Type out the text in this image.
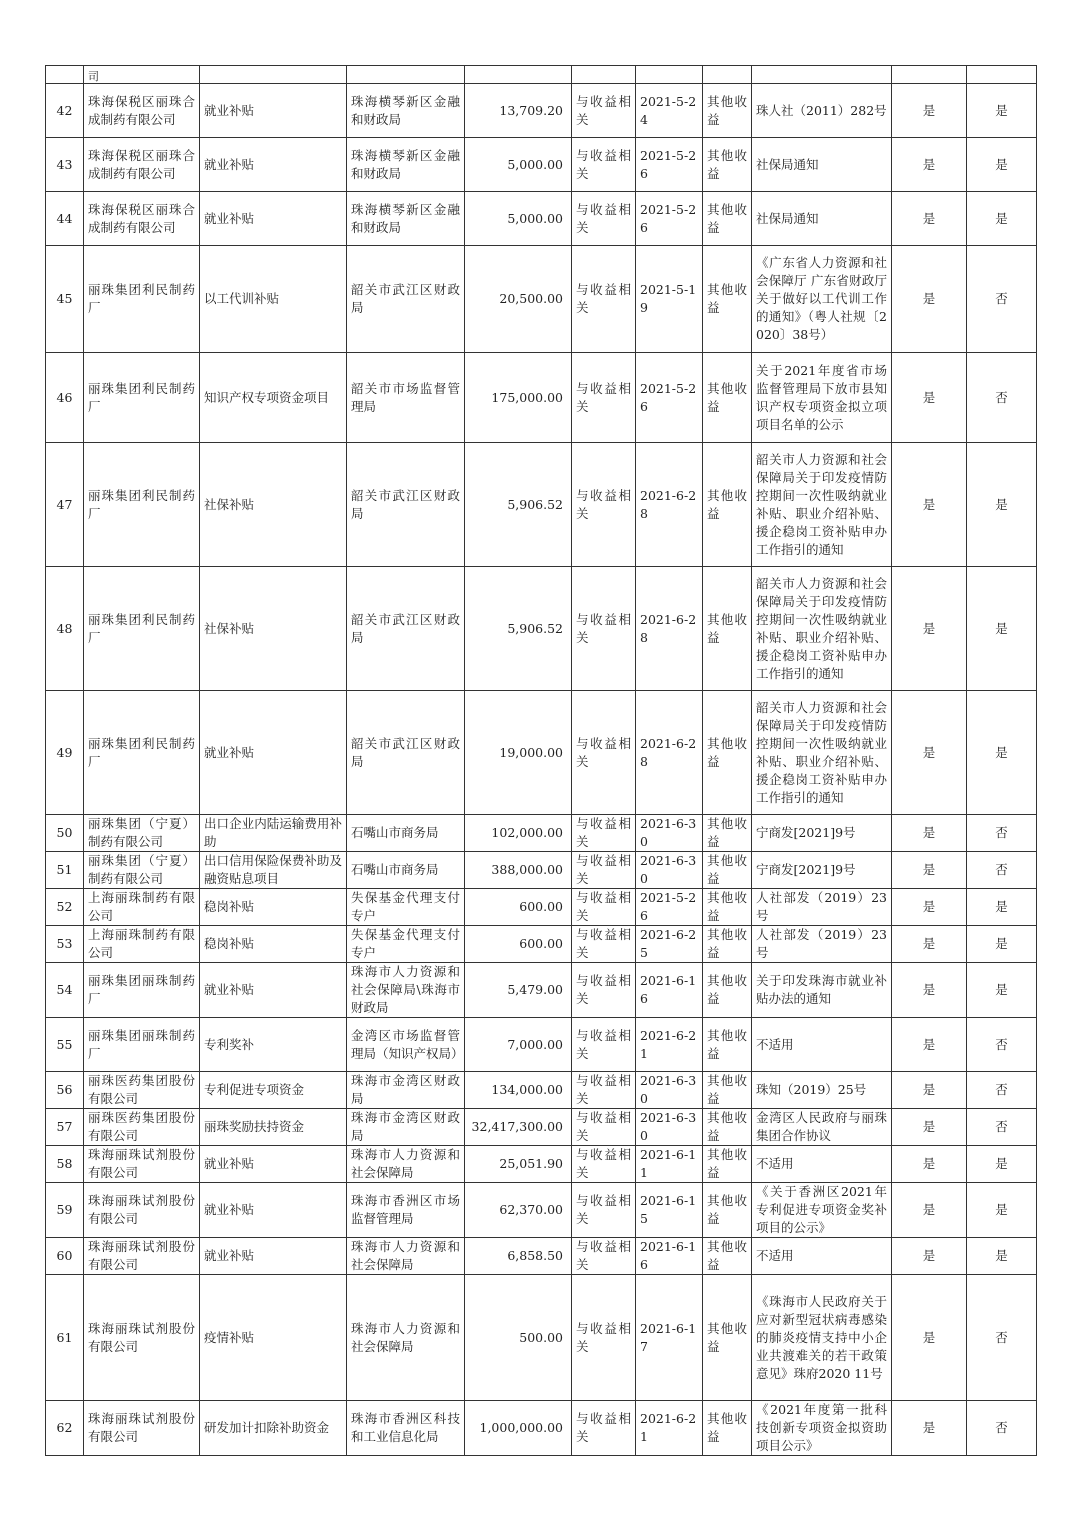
	司									
42	珠海保税区丽珠合成制药有限公司	就业补贴	珠海横琴新区金融和财政局	13,709.20	与收益相关	2021-5-24	其他收益	珠人社（2011）282号	是	是
43	珠海保税区丽珠合成制药有限公司	就业补贴	珠海横琴新区金融和财政局	5,000.00	与收益相关	2021-5-26	其他收益	社保局通知	是	是
44	珠海保税区丽珠合成制药有限公司	就业补贴	珠海横琴新区金融和财政局	5,000.00	与收益相关	2021-5-26	其他收益	社保局通知	是	是
45	丽珠集团利民制药厂	以工代训补贴	韶关市武江区财政局	20,500.00	与收益相关	2021-5-19	其他收益	《广东省人力资源和社会保障厅 广东省财政厅关于做好以工代训工作的通知》（粤人社规〔2020〕38号）	是	否
46	丽珠集团利民制药厂	知识产权专项资金项目	韶关市市场监督管理局	175,000.00	与收益相关	2021-5-26	其他收益	关于2021年度省市场监督管理局下放市县知识产权专项资金拟立项项目名单的公示	是	否
47	丽珠集团利民制药厂	社保补贴	韶关市武江区财政局	5,906.52	与收益相关	2021-6-28	其他收益	韶关市人力资源和社会保障局关于印发疫情防控期间一次性吸纳就业补贴、职业介绍补贴、援企稳岗工资补贴申办工作指引的通知	是	是
48	丽珠集团利民制药厂	社保补贴	韶关市武江区财政局	5,906.52	与收益相关	2021-6-28	其他收益	韶关市人力资源和社会保障局关于印发疫情防控期间一次性吸纳就业补贴、职业介绍补贴、援企稳岗工资补贴申办工作指引的通知	是	是
49	丽珠集团利民制药厂	就业补贴	韶关市武江区财政局	19,000.00	与收益相关	2021-6-28	其他收益	韶关市人力资源和社会保障局关于印发疫情防控期间一次性吸纳就业补贴、职业介绍补贴、援企稳岗工资补贴申办工作指引的通知	是	是
50	丽珠集团（宁夏）制药有限公司	出口企业内陆运输费用补助	石嘴山市商务局	102,000.00	与收益相关	2021-6-30	其他收益	宁商发[2021]9号	是	否
51	丽珠集团（宁夏）制药有限公司	出口信用保险保费补助及融资贴息项目	石嘴山市商务局	388,000.00	与收益相关	2021-6-30	其他收益	宁商发[2021]9号	是	否
52	上海丽珠制药有限公司	稳岗补贴	失保基金代理支付专户	600.00	与收益相关	2021-5-26	其他收益	人社部发（2019）23号	是	是
53	上海丽珠制药有限公司	稳岗补贴	失保基金代理支付专户	600.00	与收益相关	2021-6-25	其他收益	人社部发（2019）23号	是	是
54	丽珠集团丽珠制药厂	就业补贴	珠海市人力资源和社会保障局\珠海市财政局	5,479.00	与收益相关	2021-6-16	其他收益	关于印发珠海市就业补贴办法的通知	是	是
55	丽珠集团丽珠制药厂	专利奖补	金湾区市场监督管理局（知识产权局）	7,000.00	与收益相关	2021-6-21	其他收益	不适用	是	否
56	丽珠医药集团股份有限公司	专利促进专项资金	珠海市金湾区财政局	134,000.00	与收益相关	2021-6-30	其他收益	珠知（2019）25号	是	否
57	丽珠医药集团股份有限公司	丽珠奖励扶持资金	珠海市金湾区财政局	32,417,300.00	与收益相关	2021-6-30	其他收益	金湾区人民政府与丽珠集团合作协议	是	否
58	珠海丽珠试剂股份有限公司	就业补贴	珠海市人力资源和社会保障局	25,051.90	与收益相关	2021-6-11	其他收益	不适用	是	是
59	珠海丽珠试剂股份有限公司	就业补贴	珠海市香洲区市场监督管理局	62,370.00	与收益相关	2021-6-15	其他收益	《关于香洲区2021年专利促进专项资金奖补项目的公示》	是	是
60	珠海丽珠试剂股份有限公司	就业补贴	珠海市人力资源和社会保障局	6,858.50	与收益相关	2021-6-16	其他收益	不适用	是	是
61	珠海丽珠试剂股份有限公司	疫情补贴	珠海市人力资源和社会保障局	500.00	与收益相关	2021-6-17	其他收益	《珠海市人民政府关于应对新型冠状病毒感染的肺炎疫情支持中小企业共渡难关的若干政策意见》珠府2020 11号	是	否
62	珠海丽珠试剂股份有限公司	研发加计扣除补助资金	珠海市香洲区科技和工业信息化局	1,000,000.00	与收益相关	2021-6-21	其他收益	《2021年度第一批科技创新专项资金拟资助项目公示》	是	否
